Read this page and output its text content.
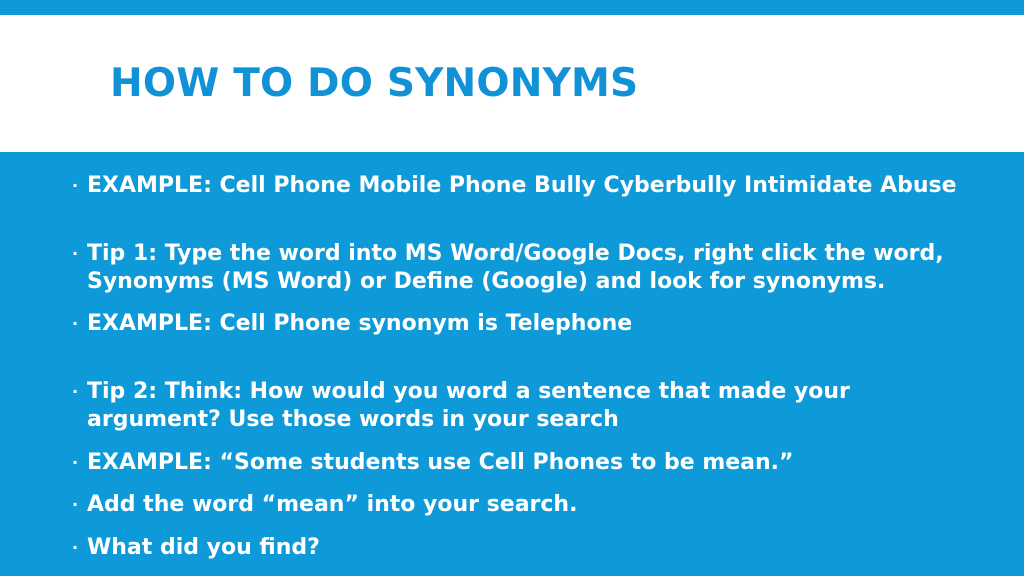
HOW TO DO SYNONYMS
· EXAMPLE: Cell Phone Mobile Phone Bully Cyberbully Intimidate Abuse
· Tip 1: Type the word into MS Word/Google Docs, right click the word,
Synonyms (MS Word) or Define (Google) and look for synonyms.
· EXAMPLE: Cell Phone synonym is Telephone
· Tip 2: Think: How would you word a sentence that made your
argument? Use those words in your search
· EXAMPLE: “Some students use Cell Phones to be mean.”
· Add the word “mean” into your search.
· What did you find?
